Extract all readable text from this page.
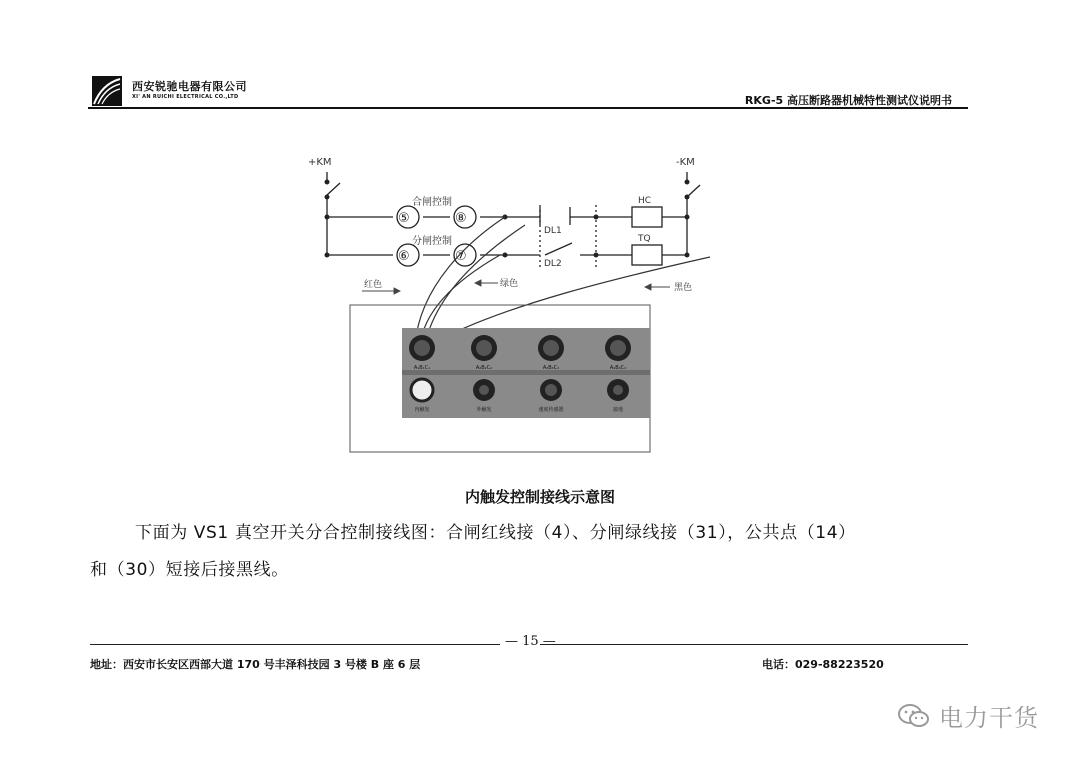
西安锐驰电器有限公司
XI' AN RUICHI ELECTRICAL CO.,LTD	RKG-5 高压断路器机械特性测试仪说明书
+KM	-KM
合闸控制
分闸控制
⑤	⑧
⑥	⑦
DL1
DL2
HC
TQ
红色	绿色	黑色
A₁B₁C₁	A₂B₂C₂	A₃B₃C₃	A₄B₄C₄
内触发	外触发	速度传感器	接地
内触发控制接线示意图
下面为 VS1 真空开关分合控制接线图：合闸红线接（4）、分闸绿线接（31），公共点（14）
和（30）短接后接黑线。
— 15 —
地址：西安市长安区西部大道 170 号丰泽科技园 3 号楼 B 座 6 层	电话：029-88223520
电力干货
